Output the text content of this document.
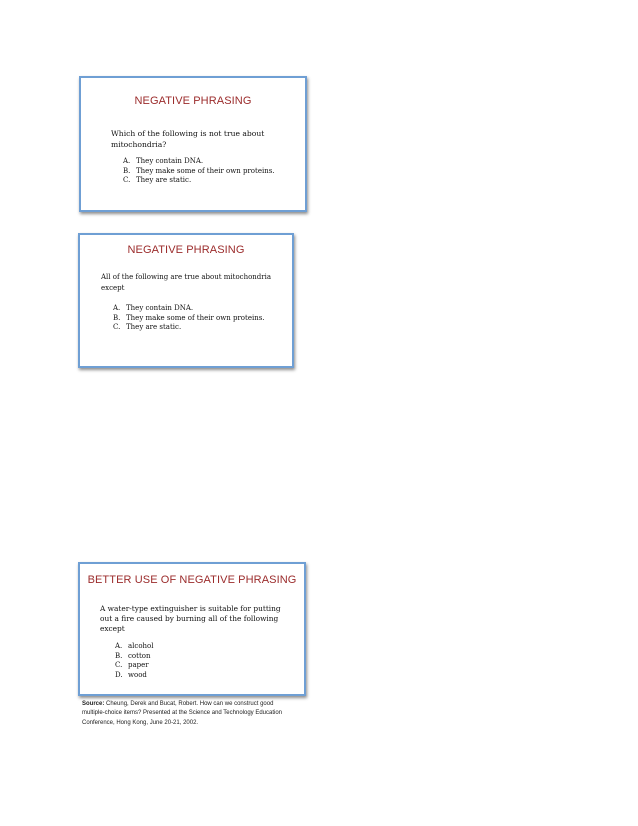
NEGATIVE PHRASING
Which of the following is not true about
mitochondria?
A. They contain DNA.
B. They make some of their own proteins.
C. They are static.
NEGATIVE PHRASING
All of the following are true about mitochondria
except
A. They contain DNA.
B. They make some of their own proteins.
C. They are static.
BETTER USE OF NEGATIVE PHRASING
A water-type extinguisher is suitable for putting
out a fire caused by burning all of the following
except
A. alcohol
B. cotton
C. paper
D. wood
Source: Cheung, Derek and Bucat, Robert. How can we construct good
multiple-choice items? Presented at the Science and Technology Education
Conference, Hong Kong, June 20-21, 2002.
